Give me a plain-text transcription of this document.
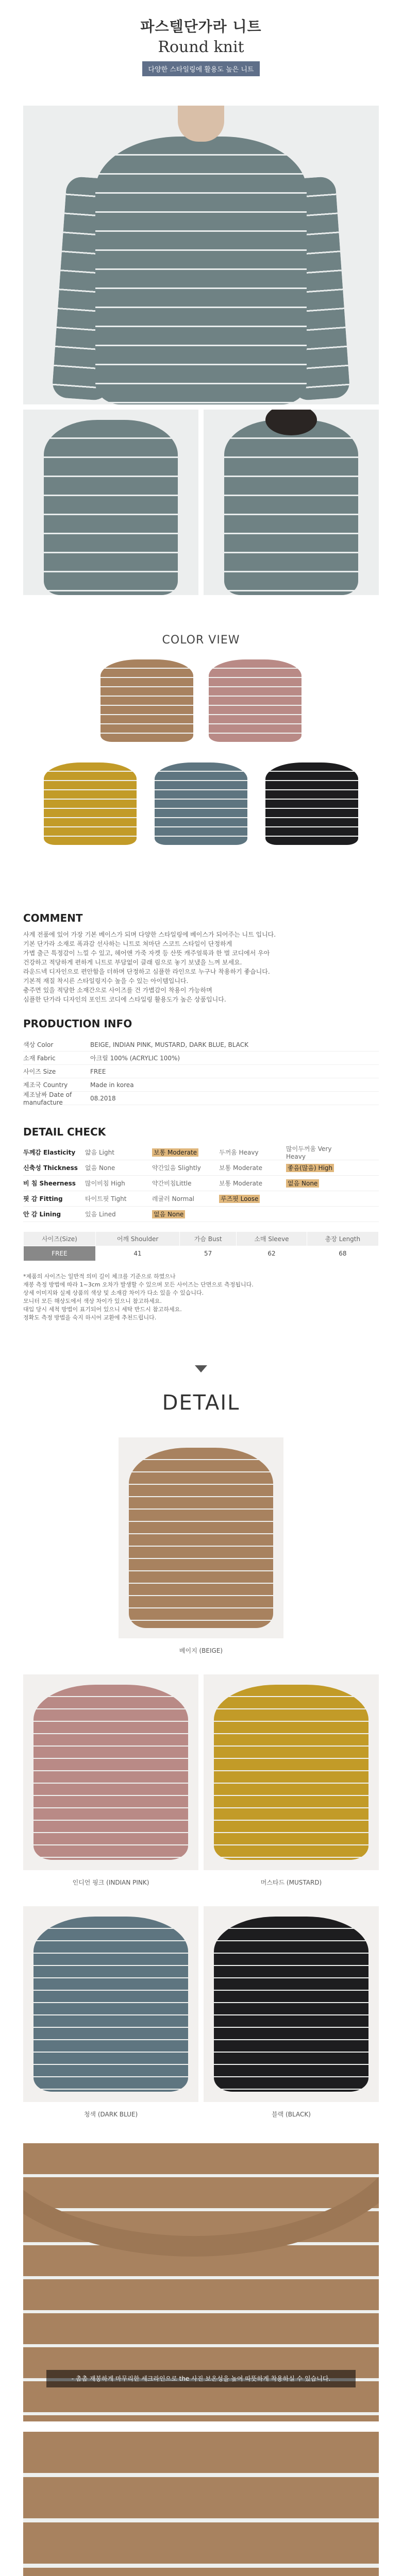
파스텔단가라 니트
Round knit
다양한 스타일링에 활용도 높은 니트
COLOR VIEW
COMMENT
사계 전품에 있어 가장 기본 베이스가 되며 다양한 스타일링에 베이스가 되어주는 니트 입니다.
기본 단가라 소재로 폭과감 선사하는 니트로 쳐마단 스코트 스타일이 단정하게
가볍 출근 특정감이 느낄 수 있고, 헤어앤 가죽 자켓 등 산뜻 캐주얼룩과 한 벌 코디에서 우아
건강하고 적당하게 편하게 니트로 부담없이 클래 림으로 놓기 보냈을 느껴 보세요.
라운드넥 디자인으로 편안함을 더하며 단정하고 심플한 라인으로 누구나 착용하기 좋습니다.
기본적 재질 착시른 스타일링지수 높을 수 있는 아이템입니다.
충주면 있을 적당한 소재간으로 사이즈를 건 가볍감이 착용이 가능하며
심플한 단가라 디자인의 포인트 코디에 스타일링 활용도가 높은 상품입니다.
PRODUCTION INFO
색상 Color	BEIGE, INDIAN PINK, MUSTARD, DARK BLUE, BLACK
소재 Fabric	아크릴 100% (ACRYLIC 100%)
사이즈 Size	FREE
제조국 Country	Made in korea
제조날짜 Date of manufacture
08.2018
DETAIL CHECK
두께감 Elasticity	얇음 Light	보통 Moderate	두꺼움 Heavy	많이두꺼움 Very Heavy
신축성 Thickness	없음 None	약간있음 Slightly	보통 Moderate	좋음(많음) High
비 침 Sheerness	많이비침 High	약간비침Little	보통 Moderate	없음 None
핏 감 Fitting	타이트핏 Tight	레귤러 Normal	루즈핏 Loose
안 감 Lining	있음 Lined	없음 None
사이즈(Size)	어깨 Shoulder	가슴 Bust	소매 Sleeve	총장 Length
FREE	41	57	62	68
*제품의 사이즈는 일반적 의미 길이 체크를 기준으로 하였으나
재봉 측정 방법에 따라 1~3cm 오차가 발생할 수 있으며 모든 사이즈는 단면으로 측정됩니다.
상세 이미지와 실제 상품의 색상 및 소재감 차이가 다소 있을 수 있습니다.
모니터 모든 해상도에서 색상 차이가 있으니 참고하세요.
대입 당시 세척 방법이 표기되어 있으니 세탁 반드시 참고하세요.
정확도 측정 방법을 숙지 하시어 교환에 추천드립니다.
DETAIL
베이지 (BEIGE)
인디언 핑크 (INDIAN PINK)	머스타드 (MUSTARD)
청색 (DARK BLUE)	블랙 (BLACK)
- 촘촘 재봉하게 마무리한 세크라인으로 the 사진 보온성을 높여 따뜻하게 착용하실 수 있습니다.
